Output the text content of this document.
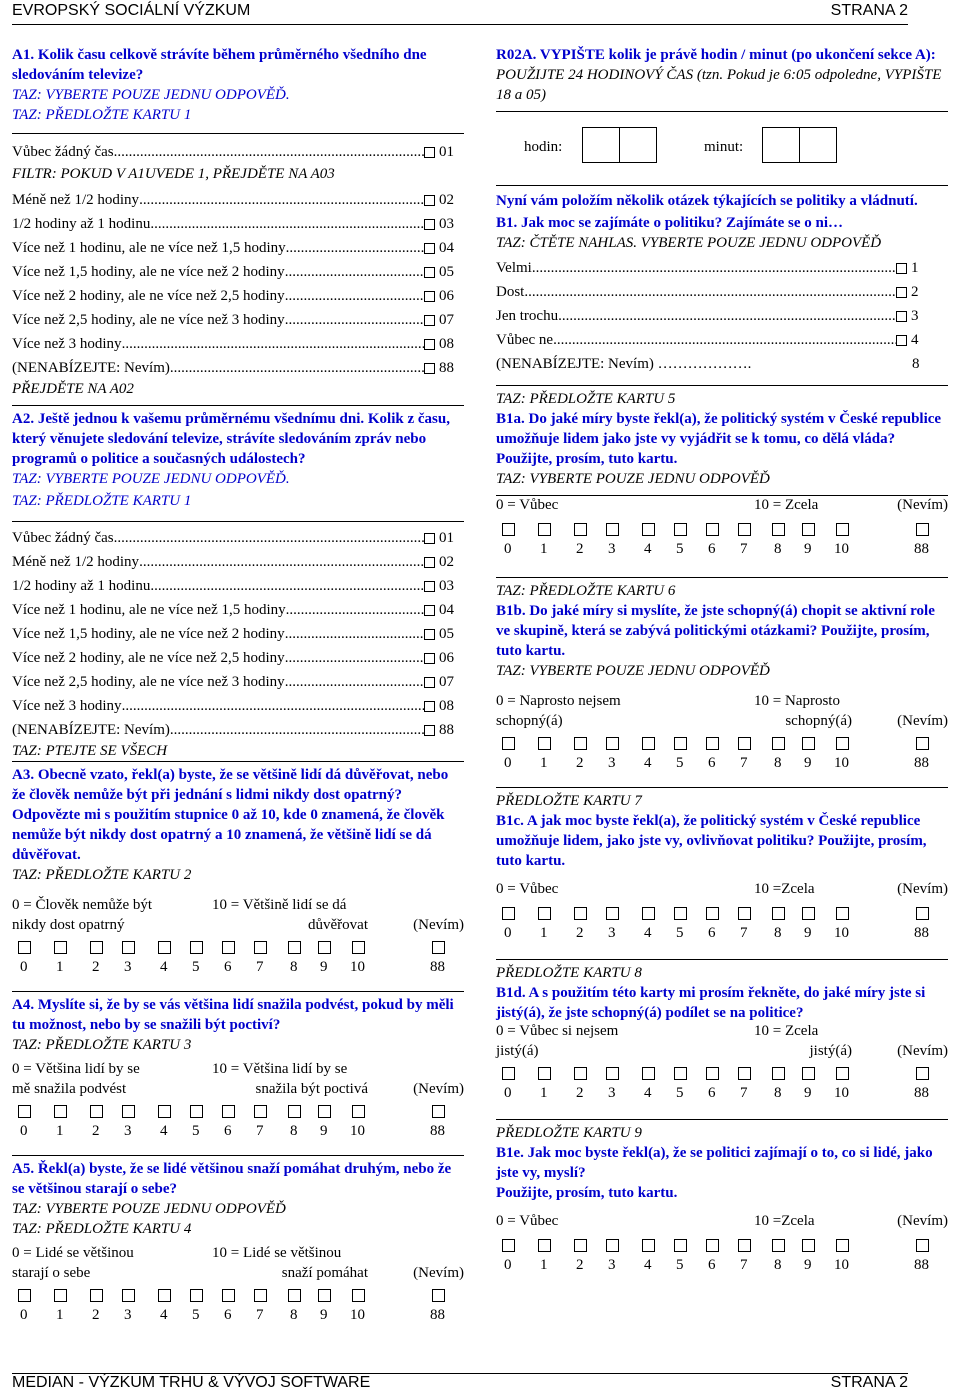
EVROPSKÝ SOCIÁLNÍ VÝZKUM	STRANA 2

A1. Kolik času celkově strávíte během průměrného všedního dne sledováním televize?

TAZ: VYBERTE POUZE JEDNU ODPOVĚĎ.

TAZ: PŘEDLOŽTE KARTU 1

Vůbec žádný čas .....	01
FILTR: POKUD V A1UVEDE 1, PŘEJDĚTE NA A03
Méně než 1/2 hodiny .....	02
1/2 hodiny až 1 hodinu .....	03
Více než 1 hodinu, ale ne více než 1,5 hodiny .....	04
Více než 1,5 hodiny, ale ne více než 2 hodiny .....	05
Více než 2 hodiny, ale ne více než 2,5 hodiny .....	06
Více než 2,5 hodiny, ale ne více než 3 hodiny .....	07
Více než 3 hodiny .....	08
(NENABÍZEJTE: Nevím) .....	88
PŘEJDĚTE NA A02

A2. Ještě jednou k vašemu průměrnému všednímu dni. Kolik z času, který věnujete sledování televize, strávíte sledováním zpráv nebo programů o politice a současných událostech?

TAZ: VYBERTE POUZE JEDNU ODPOVĚĎ.

TAZ: PŘEDLOŽTE KARTU 1

Vůbec žádný čas .....	01
Méně než 1/2 hodiny .....	02
1/2 hodiny až 1 hodinu .....	03
Více než 1 hodinu, ale ne více než 1,5 hodiny .....	04
Více než 1,5 hodiny, ale ne více než 2 hodiny .....	05
Více než 2 hodiny, ale ne více než 2,5 hodiny .....	06
Více než 2,5 hodiny, ale ne více než 3 hodiny .....	07
Více než 3 hodiny .....	08
(NENABÍZEJTE: Nevím) .....	88

TAZ: PTEJTE SE VŠECH

A3. Obecně vzato, řekl(a) byste, že se většině lidí dá důvěřovat, nebo že člověk nemůže být při jednání s lidmi nikdy dost opatrný? Odpovězte mi s použitím stupnice 0 až 10, kde 0 znamená, že člověk nemůže být nikdy dost opatrný a 10 znamená, že většině lidí se dá důvěřovat.

TAZ: PŘEDLOŽTE KARTU 2

0 = Člověk nemůže být
nikdy dost opatrný
10 = Většině lidí se dá
důvěřovat	(Nevím)
0 1 2 3 4 5 6 7 8 9 10	88

A4. Myslíte si, že by se vás většina lidí snažila podvést, pokud by měli tu možnost, nebo by se snažili být poctiví?

TAZ: PŘEDLOŽTE KARTU 3

0 = Většina lidí by se
mě snažila podvést
10 = Většina lidí by se
snažila být poctivá	(Nevím)
0 1 2 3 4 5 6 7 8 9 10	88

A5. Řekl(a) byste, že se lidé většinou snaží pomáhat druhým, nebo že se většinou starají o sebe?

TAZ: VYBERTE POUZE JEDNU ODPOVĚĎ

TAZ: PŘEDLOŽTE KARTU 4

0 = Lidé se většinou
starají o sebe
10 = Lidé se většinou
snaží pomáhat	(Nevím)
0 1 2 3 4 5 6 7 8 9 10	88

R02A. VYPIŠTE kolik je právě hodin / minut (po ukončení sekce A):

POUŽIJTE 24 HODINOVÝ ČAS (tzn. Pokud je 6:05 odpoledne, VYPIŠTE 18 a 05)

hodin:
		minut:

Nyní vám položím několik otázek týkajících se politiky a vládnutí.

B1. Jak moc se zajímáte o politiku? Zajímáte se o ni…

TAZ: ČTĚTE NAHLAS. VYBERTE POUZE JEDNU ODPOVĚĎ

Velmi .....	1
Dost .....	2
Jen trochu .....	3
Vůbec ne .....	4
(NENABÍZEJTE: Nevím) ……………….	8

TAZ: PŘEDLOŽTE KARTU 5

B1a. Do jaké míry byste řekl(a), že politický systém v České republice umožňuje lidem jako jste vy vyjádřit se k tomu, co dělá vláda? Použijte, prosím, tuto kartu.

TAZ: VYBERTE POUZE JEDNU ODPOVĚĎ

0 = Vůbec	10 = Zcela	(Nevím)
0 1 2 3 4 5 6 7 8 9 10	88

TAZ: PŘEDLOŽTE KARTU 6

B1b. Do jaké míry si myslíte, že jste schopný(á) chopit se aktivní role ve skupině, která se zabývá politickými otázkami? Použijte, prosím, tuto kartu.

TAZ: VYBERTE POUZE JEDNU ODPOVĚĎ

0 = Naprosto nejsem
schopný(á)
10 = Naprosto
schopný(á)	(Nevím)
0 1 2 3 4 5 6 7 8 9 10	88

PŘEDLOŽTE KARTU 7

B1c. A jak moc byste řekl(a), že politický systém v České republice umožňuje lidem, jako jste vy, ovlivňovat politiku? Použijte, prosím, tuto kartu.

0 = Vůbec	10 =Zcela	(Nevím)
0 1 2 3 4 5 6 7 8 9 10	88

PŘEDLOŽTE KARTU 8

B1d. A s použitím této karty mi prosím řekněte, do jaké míry jste si jistý(á), že jste schopný(á) podílet se na politice?

0 = Vůbec si nejsem
jistý(á)
10 = Zcela
jistý(á)	(Nevím)
0 1 2 3 4 5 6 7 8 9 10	88

PŘEDLOŽTE KARTU 9

B1e. Jak moc byste řekl(a), že se politici zajímají o to, co si lidé, jako jste vy, myslí?

Použijte, prosím, tuto kartu.

0 = Vůbec	10 =Zcela	(Nevím)
0 1 2 3 4 5 6 7 8 9 10	88
MEDIAN - VÝZKUM TRHU & VÝVOJ SOFTWARE	STRANA 2
